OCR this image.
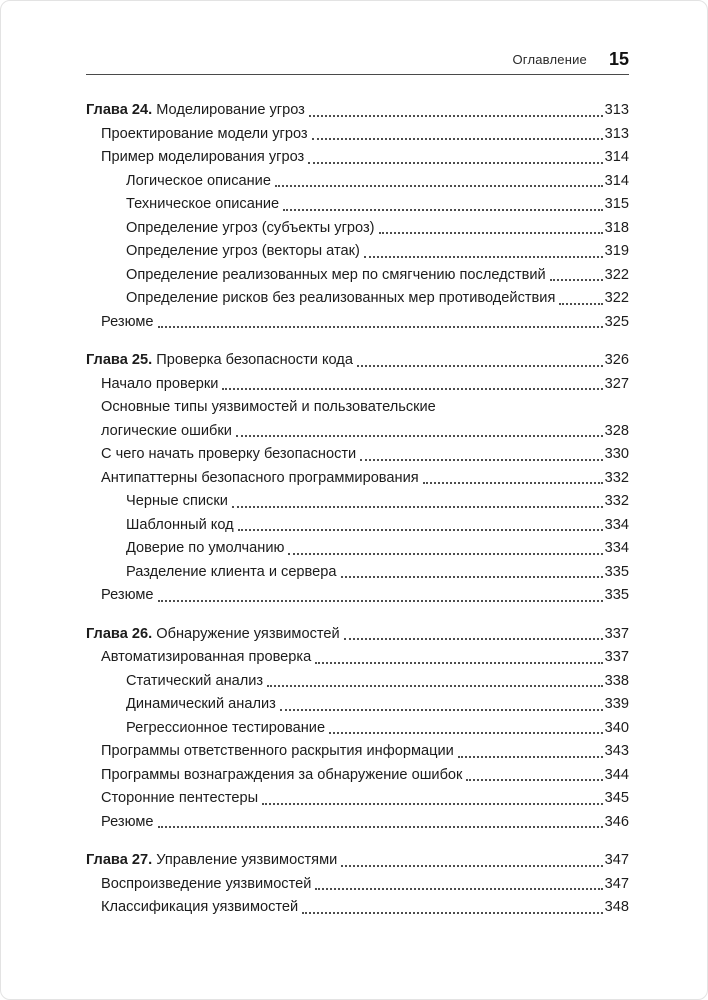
Оглавление 15
Глава 24. Моделирование угроз	313
Проектирование модели угроз	313
Пример моделирования угроз	314
Логическое описание	314
Техническое описание	315
Определение угроз (субъекты угроз)	318
Определение угроз (векторы атак)	319
Определение реализованных мер по смягчению последствий	322
Определение рисков без реализованных мер противодействия	322
Резюме	325
Глава 25. Проверка безопасности кода	326
Начало проверки	327
Основные типы уязвимостей и пользовательские
логические ошибки	328
С чего начать проверку безопасности	330
Антипаттерны безопасного программирования	332
Черные списки	332
Шаблонный код	334
Доверие по умолчанию	334
Разделение клиента и сервера	335
Резюме	335
Глава 26. Обнаружение уязвимостей	337
Автоматизированная проверка	337
Статический анализ	338
Динамический анализ	339
Регрессионное тестирование	340
Программы ответственного раскрытия информации	343
Программы вознаграждения за обнаружение ошибок	344
Сторонние пентестеры	345
Резюме	346
Глава 27. Управление уязвимостями	347
Воспроизведение уязвимостей	347
Классификация уязвимостей	348
